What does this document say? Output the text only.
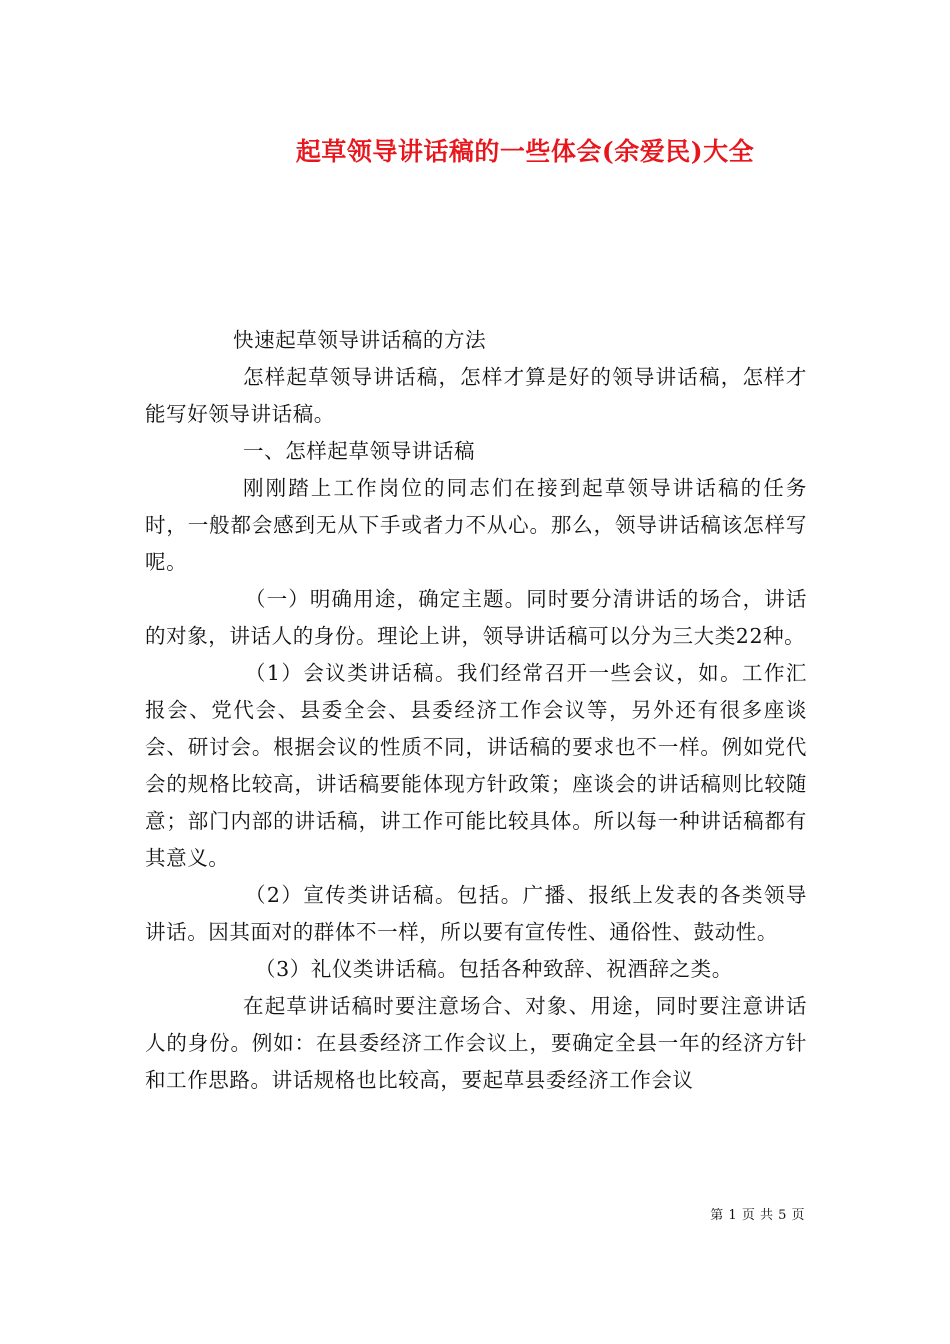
起草领导讲话稿的一些体会(余爱民)大全

快速起草领导讲话稿的方法

怎样起草领导讲话稿，怎样才算是好的领导讲话稿，怎样才能写好领导讲话稿。

一、怎样起草领导讲话稿

刚刚踏上工作岗位的同志们在接到起草领导讲话稿的任务时，一般都会感到无从下手或者力不从心。那么，领导讲话稿该怎样写呢。

（一）明确用途，确定主题。同时要分清讲话的场合，讲话的对象，讲话人的身份。理论上讲，领导讲话稿可以分为三大类22种。

（1）会议类讲话稿。我们经常召开一些会议，如。工作汇报会、党代会、县委全会、县委经济工作会议等，另外还有很多座谈会、研讨会。根据会议的性质不同，讲话稿的要求也不一样。例如党代会的规格比较高，讲话稿要能体现方针政策；座谈会的讲话稿则比较随意；部门内部的讲话稿，讲工作可能比较具体。所以每一种讲话稿都有其意义。

（2）宣传类讲话稿。包括。广播、报纸上发表的各类领导讲话。因其面对的群体不一样，所以要有宣传性、通俗性、鼓动性。

（3）礼仪类讲话稿。包括各种致辞、祝酒辞之类。

在起草讲话稿时要注意场合、对象、用途，同时要注意讲话人的身份。例如：在县委经济工作会议上，要确定全县一年的经济方针和工作思路。讲话规格也比较高，要起草县委经济工作会议

第 1 页 共 5 页
